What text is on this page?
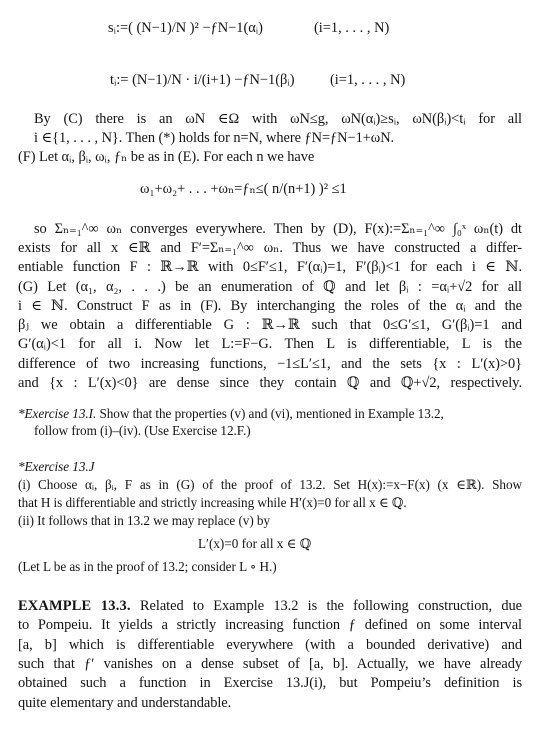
sᵢ:=( (N−1)/N )² −ƒN−1(αᵢ)	(i=1, . . . , N)
tᵢ:= (N−1)/N · i/(i+1) −ƒN−1(βᵢ) (i=1, . . . , N)
By (C) there is an ωN ∈Ω with ωN≤g, ωN(αᵢ)≥sᵢ, ωN(βᵢ)<tᵢ for all
i ∈{1, . . . , N}. Then (*) holds for n=N, where ƒN=ƒN−1+ωN.
(F) Let αᵢ, βᵢ, ωᵢ, ƒₙ be as in (E). For each n we have
ω₁+ω₂+ . . . +ωₙ=ƒₙ≤( n/(n+1) )² ≤1
so Σₙ₌₁^∞ ωₙ converges everywhere. Then by (D), F(x):=Σₙ₌₁^∞ ∫₀ˣ ωₙ(t) dt
exists for all x ∈ℝ and F′=Σₙ₌₁^∞ ωₙ. Thus we have constructed a differ-
entiable function F : ℝ→ℝ with 0≤F′≤1, F′(αᵢ)=1, F′(βᵢ)<1 for each i ∈ ℕ.
(G) Let (α₁, α₂, . . .) be an enumeration of ℚ and let βᵢ : =αᵢ+√2 for all
i ∈ ℕ. Construct F as in (F). By interchanging the roles of the αᵢ and the
βⱼ we obtain a differentiable G : ℝ→ℝ such that 0≤G′≤1, G′(βᵢ)=1 and
G′(αᵢ)<1 for all i. Now let L:=F−G. Then L is differentiable, L is the
difference of two increasing functions, −1≤L′≤1, and the sets {x : L′(x)>0}
and {x : L′(x)<0} are dense since they contain ℚ and ℚ+√2, respectively.
*Exercise 13.I. Show that the properties (v) and (vi), mentioned in Example 13.2,
follow from (i)–(iv). (Use Exercise 12.F.)
*Exercise 13.J
(i) Choose αᵢ, βᵢ, F as in (G) of the proof of 13.2. Set H(x):=x−F(x) (x ∈ℝ). Show
that H is differentiable and strictly increasing while H′(x)=0 for all x ∈ ℚ.
(ii) It follows that in 13.2 we may replace (v) by
L′(x)=0 for all x ∈ ℚ
(Let L be as in the proof of 13.2; consider L ∘ H.)
EXAMPLE 13.3. Related to Example 13.2 is the following construction, due
to Pompeiu. It yields a strictly increasing function ƒ defined on some interval
[a, b] which is differentiable everywhere (with a bounded derivative) and
such that ƒ′ vanishes on a dense subset of [a, b]. Actually, we have already
obtained such a function in Exercise 13.J(i), but Pompeiu’s definition is
quite elementary and understandable.
